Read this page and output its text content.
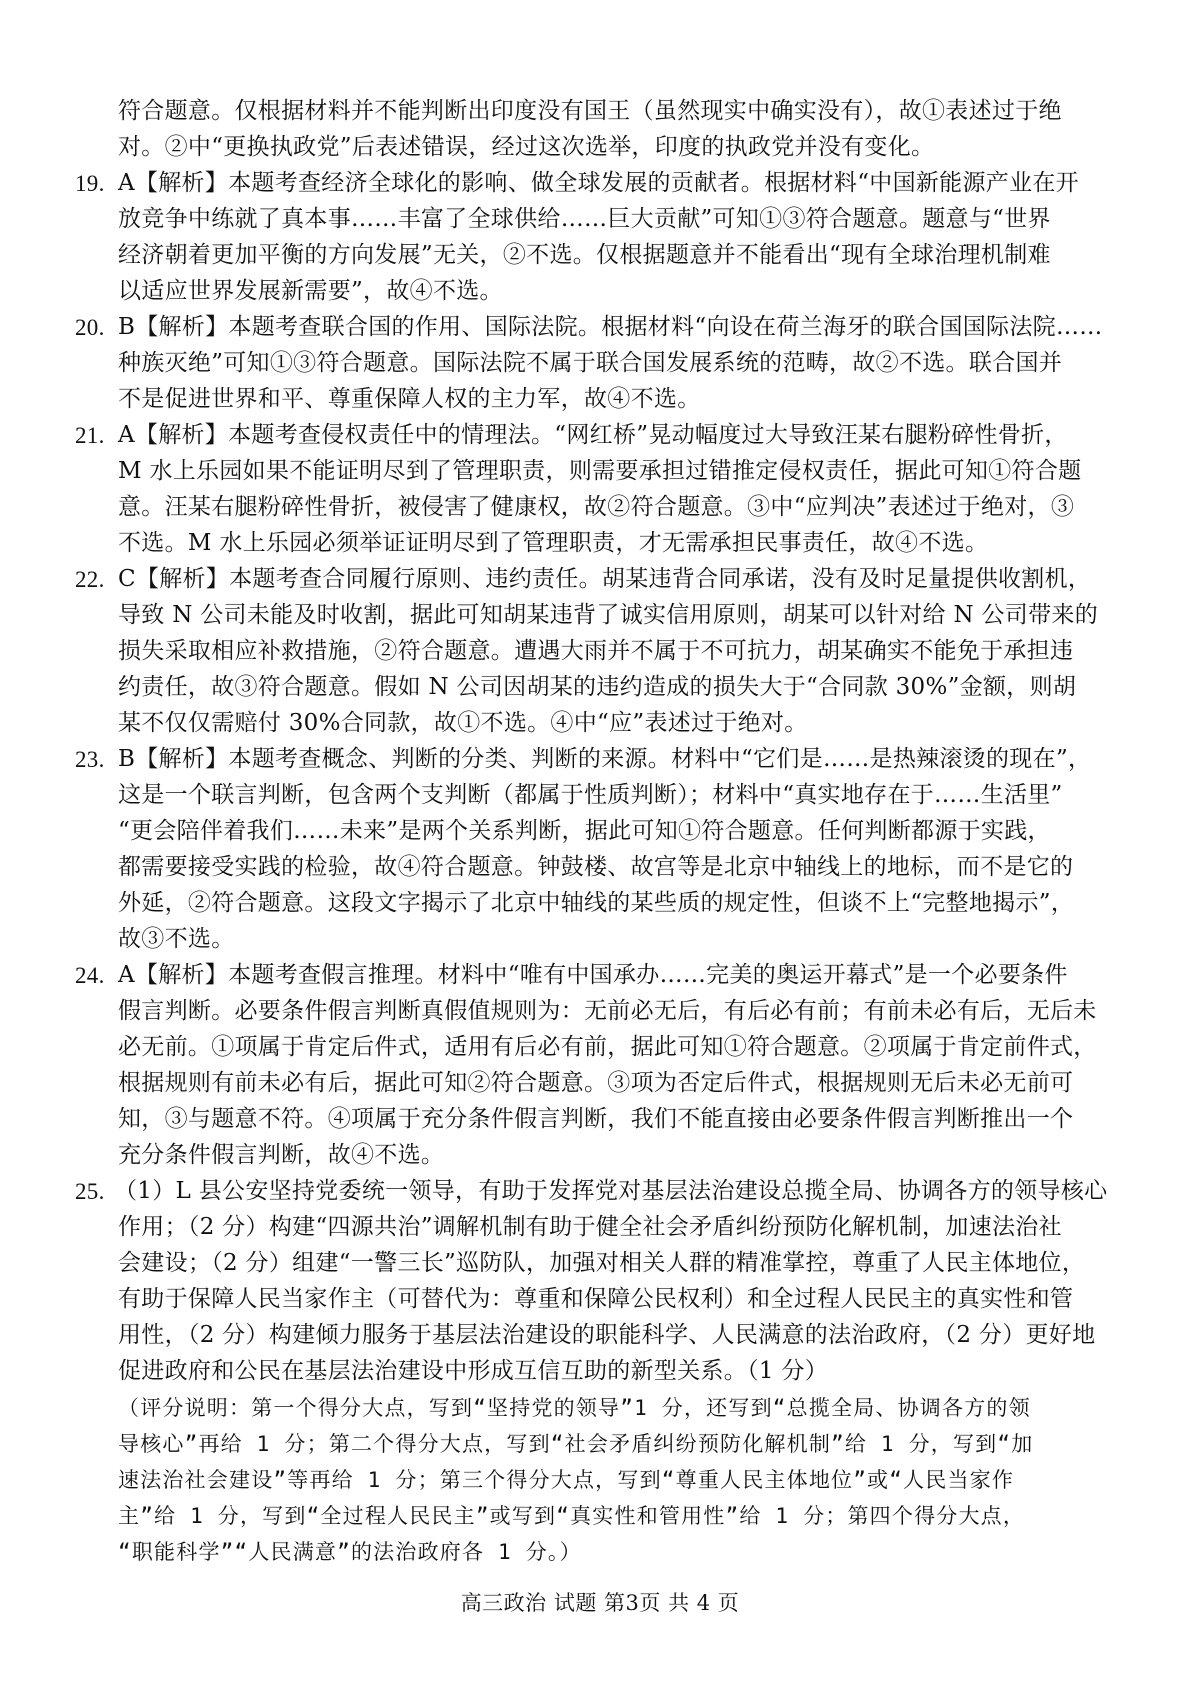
符合题意。仅根据材料并不能判断出印度没有国王（虽然现实中确实没有），故①表述过于绝
对。②中“更换执政党”后表述错误，经过这次选举，印度的执政党并没有变化。
19. A【解析】本题考查经济全球化的影响、做全球发展的贡献者。根据材料“中国新能源产业在开
放竞争中练就了真本事……丰富了全球供给……巨大贡献”可知①③符合题意。题意与“世界
经济朝着更加平衡的方向发展”无关，②不选。仅根据题意并不能看出“现有全球治理机制难
以适应世界发展新需要”，故④不选。
20. B【解析】本题考查联合国的作用、国际法院。根据材料“向设在荷兰海牙的联合国国际法院……
种族灭绝”可知①③符合题意。国际法院不属于联合国发展系统的范畴，故②不选。联合国并
不是促进世界和平、尊重保障人权的主力军，故④不选。
21. A【解析】本题考查侵权责任中的情理法。“网红桥”晃动幅度过大导致汪某右腿粉碎性骨折，
M 水上乐园如果不能证明尽到了管理职责，则需要承担过错推定侵权责任，据此可知①符合题
意。汪某右腿粉碎性骨折，被侵害了健康权，故②符合题意。③中“应判决”表述过于绝对，③
不选。M 水上乐园必须举证证明尽到了管理职责，才无需承担民事责任，故④不选。
22. C【解析】本题考查合同履行原则、违约责任。胡某违背合同承诺，没有及时足量提供收割机，
导致 N 公司未能及时收割，据此可知胡某违背了诚实信用原则，胡某可以针对给 N 公司带来的
损失采取相应补救措施，②符合题意。遭遇大雨并不属于不可抗力，胡某确实不能免于承担违
约责任，故③符合题意。假如 N 公司因胡某的违约造成的损失大于“合同款 30%”金额，则胡
某不仅仅需赔付 30%合同款，故①不选。④中“应”表述过于绝对。
23. B【解析】本题考查概念、判断的分类、判断的来源。材料中“它们是……是热辣滚烫的现在”，
这是一个联言判断，包含两个支判断（都属于性质判断）；材料中“真实地存在于……生活里”
“更会陪伴着我们……未来”是两个关系判断，据此可知①符合题意。任何判断都源于实践，
都需要接受实践的检验，故④符合题意。钟鼓楼、故宫等是北京中轴线上的地标，而不是它的
外延，②符合题意。这段文字揭示了北京中轴线的某些质的规定性，但谈不上“完整地揭示”，
故③不选。
24. A【解析】本题考查假言推理。材料中“唯有中国承办……完美的奥运开幕式”是一个必要条件
假言判断。必要条件假言判断真假值规则为：无前必无后，有后必有前；有前未必有后，无后未
必无前。①项属于肯定后件式，适用有后必有前，据此可知①符合题意。②项属于肯定前件式，
根据规则有前未必有后，据此可知②符合题意。③项为否定后件式，根据规则无后未必无前可
知，③与题意不符。④项属于充分条件假言判断，我们不能直接由必要条件假言判断推出一个
充分条件假言判断，故④不选。
25. （1）L 县公安坚持党委统一领导，有助于发挥党对基层法治建设总揽全局、协调各方的领导核心
作用；（2 分）构建“四源共治”调解机制有助于健全社会矛盾纠纷预防化解机制，加速法治社
会建设；（2 分）组建“一警三长”巡防队，加强对相关人群的精准掌控，尊重了人民主体地位，
有助于保障人民当家作主（可替代为：尊重和保障公民权利）和全过程人民民主的真实性和管
用性，（2 分）构建倾力服务于基层法治建设的职能科学、人民满意的法治政府，（2 分）更好地
促进政府和公民在基层法治建设中形成互信互助的新型关系。（1 分）
（评分说明：第一个得分大点，写到“坚持党的领导”1 分，还写到“总揽全局、协调各方的领
导核心”再给 1 分；第二个得分大点，写到“社会矛盾纠纷预防化解机制”给 1 分，写到“加
速法治社会建设”等再给 1 分；第三个得分大点，写到“尊重人民主体地位”或“人民当家作
主”给 1 分，写到“全过程人民民主”或写到“真实性和管用性”给 1 分；第四个得分大点，
“职能科学”“人民满意”的法治政府各 1 分。）
高三政治 试题 第3页 共 4 页
